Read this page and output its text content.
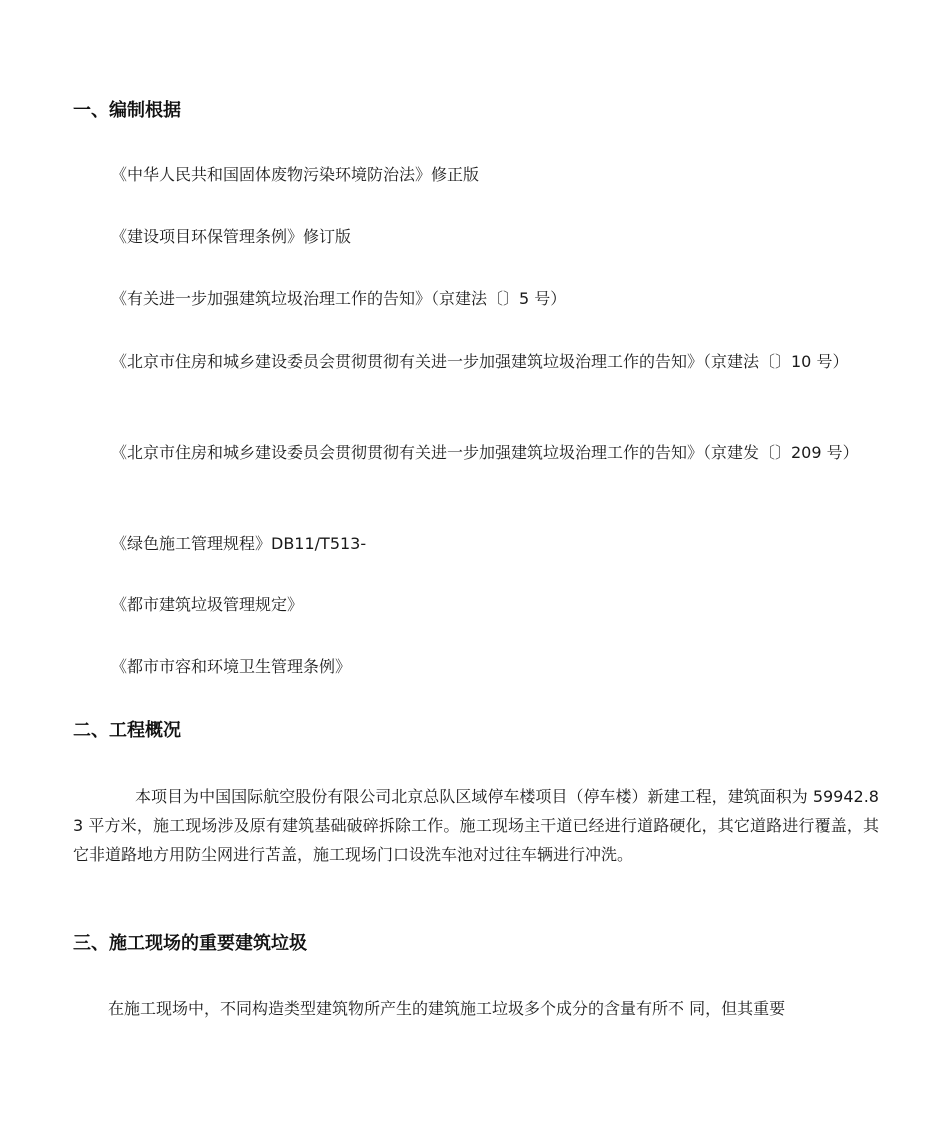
一、编制根据
《中华人民共和国固体废物污染环境防治法》修正版
《建设项目环保管理条例》修订版
《有关进一步加强建筑垃圾治理工作的告知》（京建法〔〕5 号）
《北京市住房和城乡建设委员会贯彻贯彻有关进一步加强建筑垃圾治理工作的告知》（京建法〔〕10 号）
《北京市住房和城乡建设委员会贯彻贯彻有关进一步加强建筑垃圾治理工作的告知》（京建发〔〕209 号）
《绿色施工管理规程》DB11/T513-
《都市建筑垃圾管理规定》
《都市市容和环境卫生管理条例》
二、工程概况
本项目为中国国际航空股份有限公司北京总队区域停车楼项目（停车楼）新建工程，建筑面积为 59942.83 平方米，施工现场涉及原有建筑基础破碎拆除工作。施工现场主干道已经进行道路硬化，其它道路进行覆盖，其它非道路地方用防尘网进行苫盖，施工现场门口设洗车池对过往车辆进行冲洗。
三、施工现场的重要建筑垃圾
在施工现场中，不同构造类型建筑物所产生的建筑施工垃圾多个成分的含量有所不 同，但其重要
